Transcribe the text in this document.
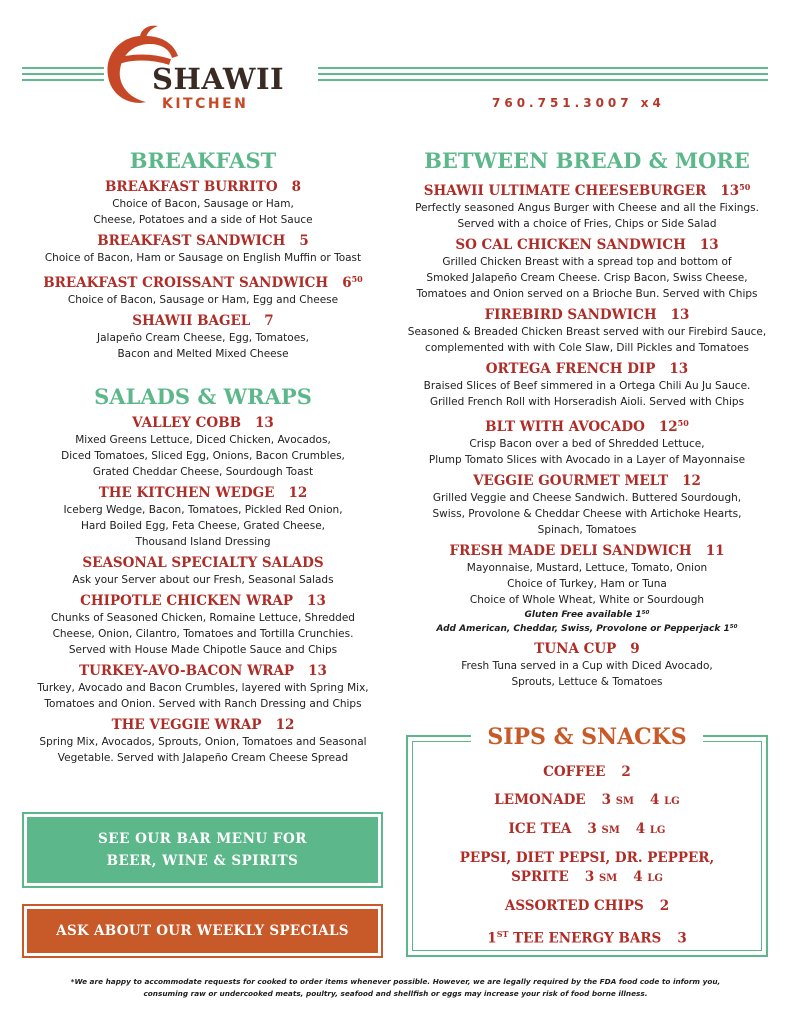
SHAWII
KITCHEN	760.751.3007 x4
BREAKFAST
BREAKFAST BURRITO 8
Choice of Bacon, Sausage or Ham,
Cheese, Potatoes and a side of Hot Sauce
BREAKFAST SANDWICH 5
Choice of Bacon, Ham or Sausage on English Muffin or Toast
BREAKFAST CROISSANT SANDWICH $6^{50}$
Choice of Bacon, Sausage or Ham, Egg and Cheese
SHAWII BAGEL 7
Jalapeño Cream Cheese, Egg, Tomatoes,
Bacon and Melted Mixed Cheese
SALADS & WRAPS
VALLEY COBB 13
Mixed Greens Lettuce, Diced Chicken, Avocados,
Diced Tomatoes, Sliced Egg, Onions, Bacon Crumbles,
Grated Cheddar Cheese, Sourdough Toast
THE KITCHEN WEDGE 12
Iceberg Wedge, Bacon, Tomatoes, Pickled Red Onion,
Hard Boiled Egg, Feta Cheese, Grated Cheese,
Thousand Island Dressing
SEASONAL SPECIALTY SALADS
Ask your Server about our Fresh, Seasonal Salads
CHIPOTLE CHICKEN WRAP 13
Chunks of Seasoned Chicken, Romaine Lettuce, Shredded
Cheese, Onion, Cilantro, Tomatoes and Tortilla Crunchies.
Served with House Made Chipotle Sauce and Chips
TURKEY-AVO-BACON WRAP 13
Turkey, Avocado and Bacon Crumbles, layered with Spring Mix,
Tomatoes and Onion. Served with Ranch Dressing and Chips
THE VEGGIE WRAP 12
Spring Mix, Avocados, Sprouts, Onion, Tomatoes and Seasonal
Vegetable. Served with Jalapeño Cream Cheese Spread
SEE OUR BAR MENU FOR
BEER, WINE & SPIRITS
ASK ABOUT OUR WEEKLY SPECIALS
BETWEEN BREAD & MORE
SHAWII ULTIMATE CHEESEBURGER $13^{50}$
Perfectly seasoned Angus Burger with Cheese and all the Fixings.
Served with a choice of Fries, Chips or Side Salad
SO CAL CHICKEN SANDWICH 13
Grilled Chicken Breast with a spread top and bottom of
Smoked Jalapeño Cream Cheese. Crisp Bacon, Swiss Cheese,
Tomatoes and Onion served on a Brioche Bun. Served with Chips
FIREBIRD SANDWICH 13
Seasoned & Breaded Chicken Breast served with our Firebird Sauce,
complemented with with Cole Slaw, Dill Pickles and Tomatoes
ORTEGA FRENCH DIP 13
Braised Slices of Beef simmered in a Ortega Chili Au Ju Sauce.
Grilled French Roll with Horseradish Aioli. Served with Chips
BLT WITH AVOCADO $12^{50}$
Crisp Bacon over a bed of Shredded Lettuce,
Plump Tomato Slices with Avocado in a Layer of Mayonnaise
VEGGIE GOURMET MELT 12
Grilled Veggie and Cheese Sandwich. Buttered Sourdough,
Swiss, Provolone & Cheddar Cheese with Artichoke Hearts,
Spinach, Tomatoes
FRESH MADE DELI SANDWICH 11
Mayonnaise, Mustard, Lettuce, Tomato, Onion
Choice of Turkey, Ham or Tuna
Choice of Whole Wheat, White or Sourdough
Gluten Free available 1⁵⁰
Add American, Cheddar, Swiss, Provolone or Pepperjack 1⁵⁰
TUNA CUP 9
Fresh Tuna served in a Cup with Diced Avocado,
Sprouts, Lettuce & Tomatoes
SIPS & SNACKS
COFFEE 2
LEMONADE 3 SM 4 LG
ICE TEA 3 SM 4 LG
PEPSI, DIET PEPSI, DR. PEPPER,
SPRITE 3 SM 4 LG
ASSORTED CHIPS 2
1ST TEE ENERGY BARS 3
*We are happy to accommodate requests for cooked to order items whenever possible. However, we are legally required by the FDA food code to inform you,
consuming raw or undercooked meats, poultry, seafood and shellfish or eggs may increase your risk of food borne illness.
